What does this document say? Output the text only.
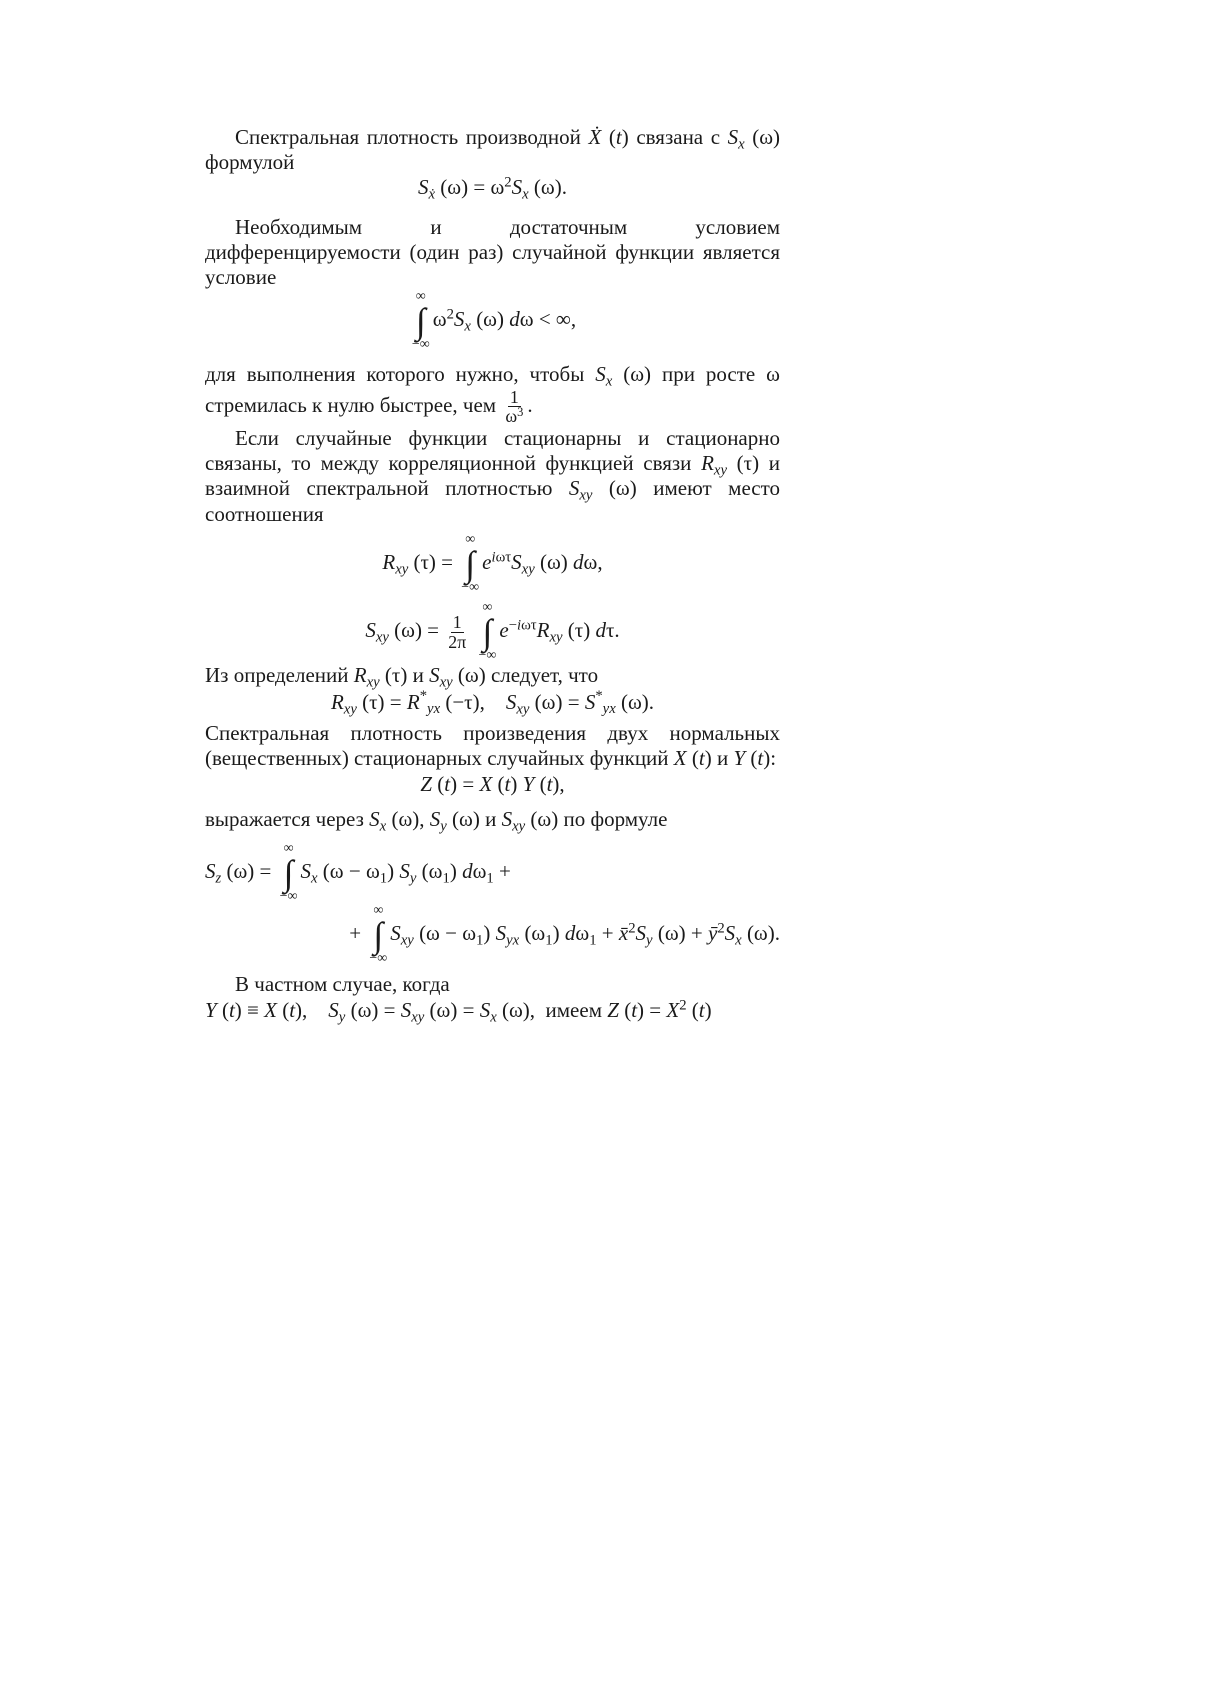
Спектральная плотность производной Ẋ (t) связана с $S_x$ (ω) формулой

$S_ẋ$ $(\omega) = \omega^2S_x$ (ω).

Необходимым и достаточным условием дифференцируемости (один раз) случайной функции является условие

∞
∫
−∞
$\omega^2S_x$ (ω) dω < ∞,

для выполнения которого нужно, чтобы $S_x$ (ω) при росте ω стремилась к нулю быстрее, чем $\frac{1}{\omega^3}$ .

Если случайные функции стационарны и стационарно связаны, то между корреляционной функцией связи $R_{xy}$ (τ) и взаимной спектральной плотностью $S_{xy}$ (ω) имеют место соотношения

$R_{xy}$ (τ) =
∞
∫
−∞
$e^{i\omega\tau}S_{xy}$ (ω) dω,

$S_{xy}$ $(\omega) = \frac{1}{2\pi}$

∞
∫
−∞
$e^{-i\omega\tau}R_{xy}$ (τ) dτ.

Из определений $R_{xy}$ (τ) и $S_{xy}$ (ω) следует, что

$R_{xy}$ $(\tau) = R^*_{yx}$ (−τ),    $S_{xy}$ $(\omega) = S^*_{yx}$ (ω).

Спектральная плотность произведения двух нормальных (вещественных) стационарных случайных функций X (t) и Y (t):

Z (t) = X (t) Y (t),

выражается через $S_x$ (ω), $S_y$ (ω) и $S_{xy}$ (ω) по формуле

$S_z$ (ω) =
∞
∫
−∞
$S_x$ $(\omega - \omega_1)$ $S_y$ $(\omega_1) d\omega_1$ +

+
∞
∫
−∞
$S_{xy}$ $(\omega - \omega_1)$ $S_{yx}$ $(\omega_1) d\omega_1$ + $x̄^2S_y$ $(\omega) + ȳ^2S_x$ (ω).

В частном случае, когда

Y (t) ≡ X (t),    $S_y$ $(\omega) = S_{xy}$ $(\omega) = S_x$ (ω),  имеем Z $(t) = X^2$ (t)
